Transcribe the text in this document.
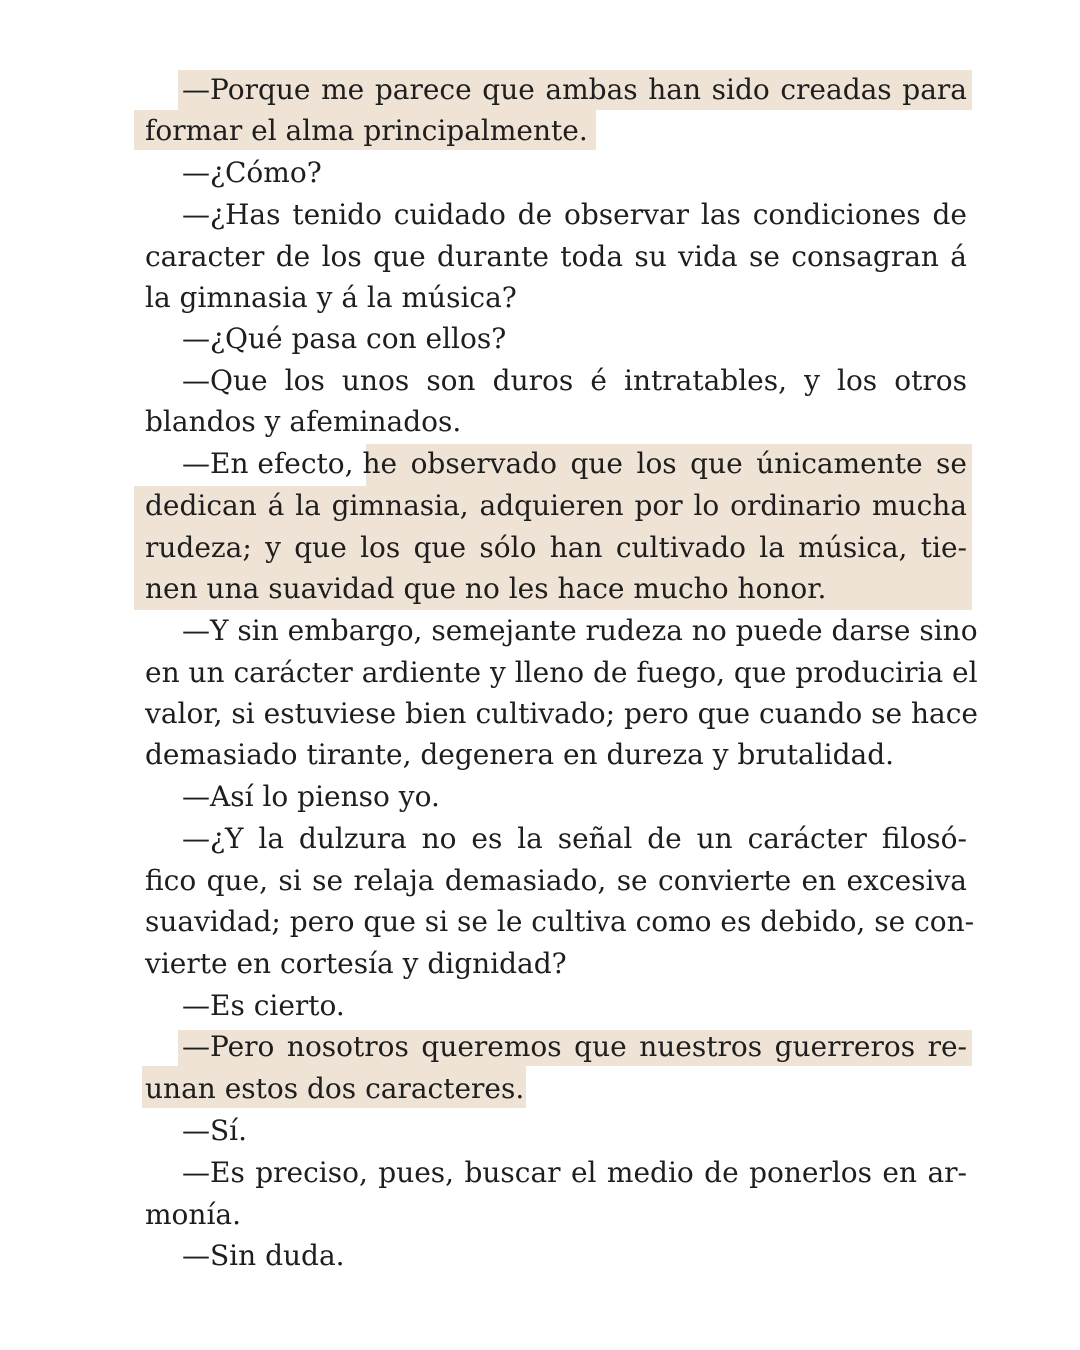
—Porque me parece que ambas han sido creadas para
formar el alma principalmente.
—¿Cómo?
—¿Has tenido cuidado de observar las condiciones de
caracter de los que durante toda su vida se consagran á
la gimnasia y á la música?
—¿Qué pasa con ellos?
—Que los unos son duros é intratables, y los otros
blandos y afeminados.
—En efecto, he observado que los que únicamente se
dedican á la gimnasia, adquieren por lo ordinario mucha
rudeza; y que los que sólo han cultivado la música, tie-
nen una suavidad que no les hace mucho honor.
—Y sin embargo, semejante rudeza no puede darse sino
en un carácter ardiente y lleno de fuego, que produciria el
valor, si estuviese bien cultivado; pero que cuando se hace
demasiado tirante, degenera en dureza y brutalidad.
—Así lo pienso yo.
—¿Y la dulzura no es la señal de un carácter filosó-
fico que, si se relaja demasiado, se convierte en excesiva
suavidad; pero que si se le cultiva como es debido, se con-
vierte en cortesía y dignidad?
—Es cierto.
—Pero nosotros queremos que nuestros guerreros re-
unan estos dos caracteres.
—Sí.
—Es preciso, pues, buscar el medio de ponerlos en ar-
monía.
—Sin duda.
